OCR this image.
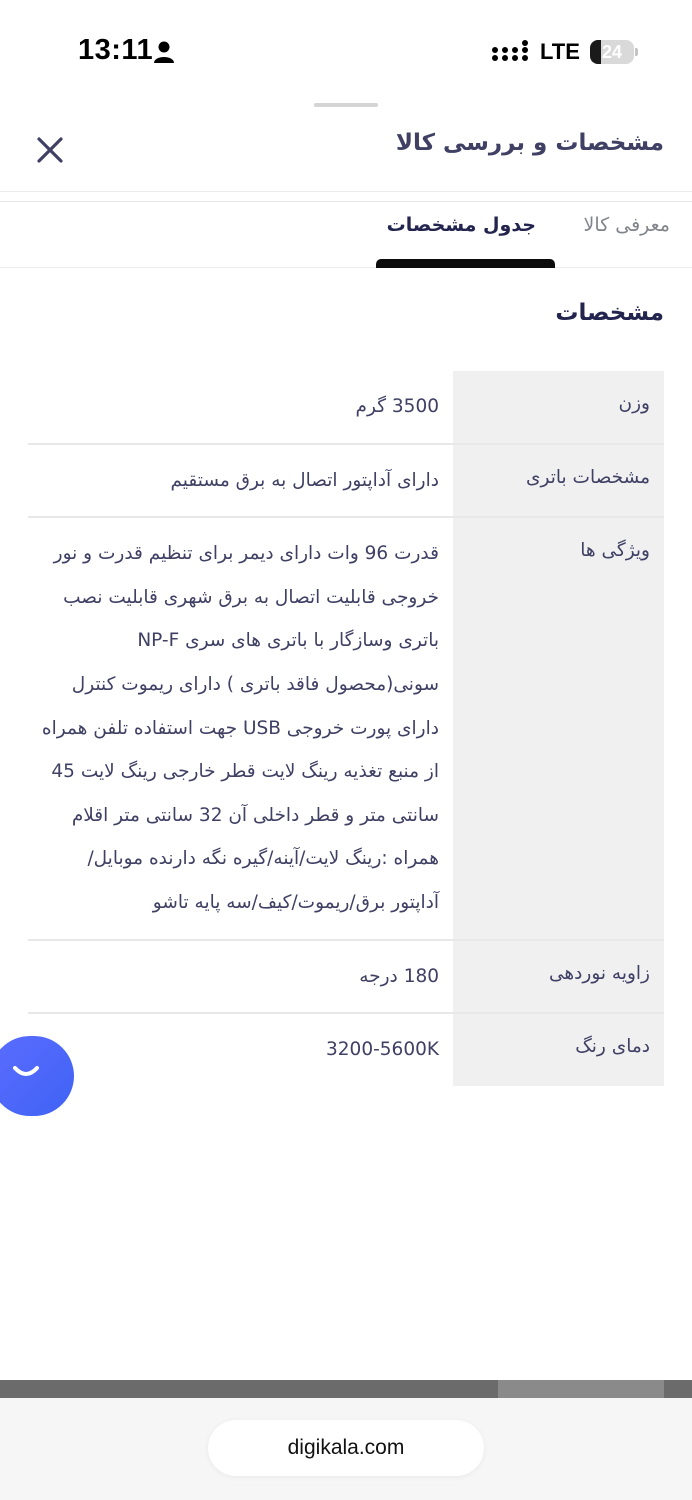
13:11	LTE	24
مشخصات و بررسی کالا
معرفی کالا
جدول مشخصات
مشخصات
وزن
3500 گرم
مشخصات باتری
دارای آداپتور اتصال به برق مستقیم
ویژگی ها
قدرت 96 وات دارای دیمر برای تنظیم قدرت و نور خروجی قابلیت اتصال به برق شهری قابلیت نصب باتری وسازگار با باتری های سری NP-F سونی(محصول فاقد باتری ) دارای ریموت کنترل دارای پورت خروجی USB جهت استفاده تلفن همراه از منبع تغذیه رینگ لایت قطر خارجی رینگ لایت 45 سانتی متر و قطر داخلی آن 32 سانتی متر اقلام همراه :رینگ لایت/آینه/گیره نگه دارنده موبایل/ آداپتور برق/ریموت/کیف/سه پایه تاشو
زاویه نوردهی
180 درجه
دمای رنگ
3200-5600K
digikala.com
